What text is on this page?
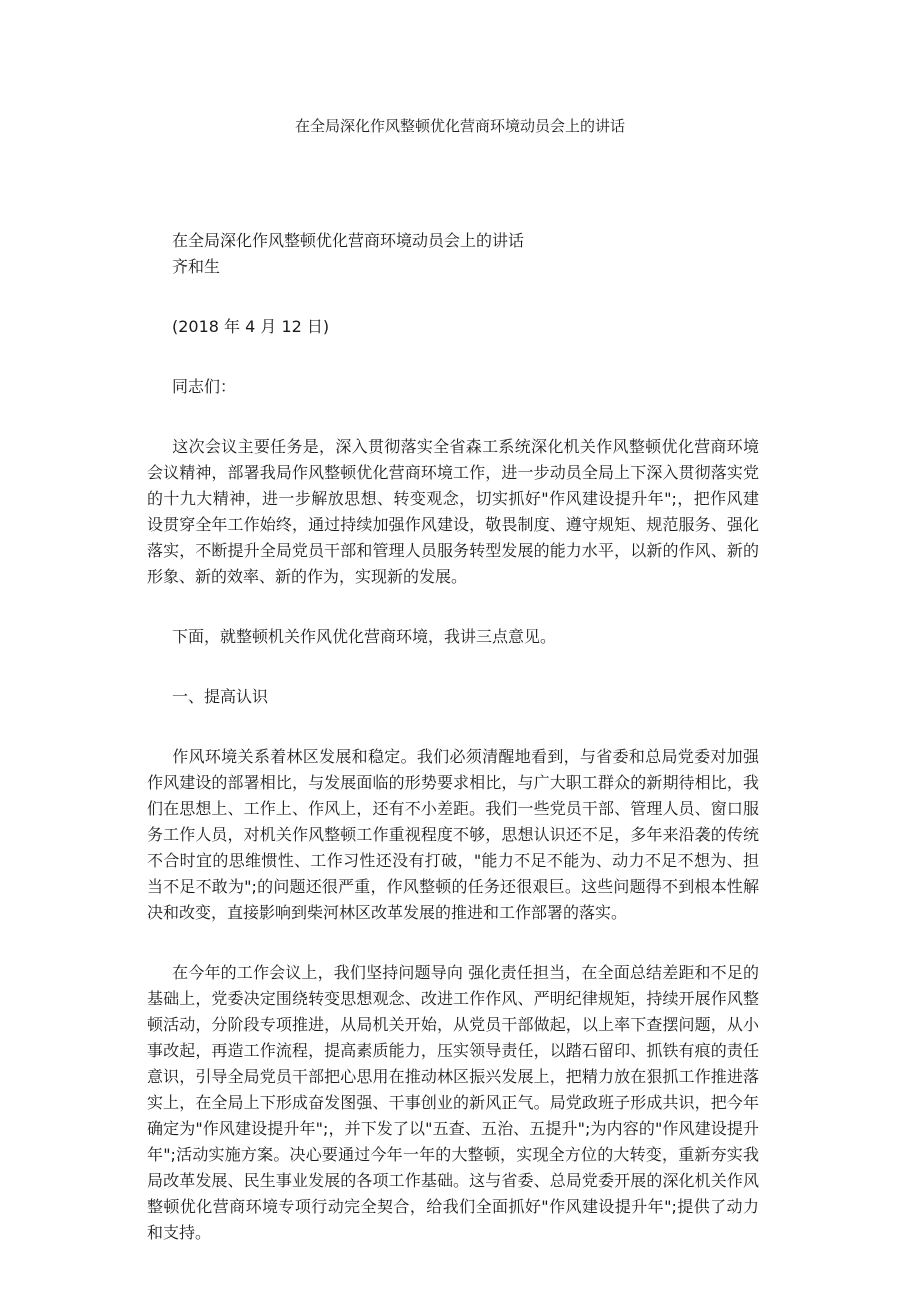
在全局深化作风整顿优化营商环境动员会上的讲话

在全局深化作风整顿优化营商环境动员会上的讲话

齐和生

(2018 年 4 月 12 日)

同志们：

这次会议主要任务是，深入贯彻落实全省森工系统深化机关作风整顿优化营商环境会议精神，部署我局作风整顿优化营商环境工作，进一步动员全局上下深入贯彻落实党的十九大精神，进一步解放思想、转变观念，切实抓好"作风建设提升年";，把作风建设贯穿全年工作始终，通过持续加强作风建设，敬畏制度、遵守规矩、规范服务、强化落实，不断提升全局党员干部和管理人员服务转型发展的能力水平，以新的作风、新的形象、新的效率、新的作为，实现新的发展。

下面，就整顿机关作风优化营商环境，我讲三点意见。

一、提高认识

作风环境关系着林区发展和稳定。我们必须清醒地看到，与省委和总局党委对加强作风建设的部署相比，与发展面临的形势要求相比，与广大职工群众的新期待相比，我们在思想上、工作上、作风上，还有不小差距。我们一些党员干部、管理人员、窗口服务工作人员，对机关作风整顿工作重视程度不够，思想认识还不足，多年来沿袭的传统不合时宜的思维惯性、工作习性还没有打破，"能力不足不能为、动力不足不想为、担当不足不敢为";的问题还很严重，作风整顿的任务还很艰巨。这些问题得不到根本性解决和改变，直接影响到柴河林区改革发展的推进和工作部署的落实。

在今年的工作会议上，我们坚持问题导向 强化责任担当，在全面总结差距和不足的基础上，党委决定围绕转变思想观念、改进工作作风、严明纪律规矩，持续开展作风整顿活动，分阶段专项推进，从局机关开始，从党员干部做起，以上率下查摆问题，从小事改起，再造工作流程，提高素质能力，压实领导责任，以踏石留印、抓铁有痕的责任意识，引导全局党员干部把心思用在推动林区振兴发展上，把精力放在狠抓工作推进落实上，在全局上下形成奋发图强、干事创业的新风正气。局党政班子形成共识，把今年确定为"作风建设提升年";，并下发了以"五查、五治、五提升";为内容的"作风建设提升年";活动实施方案。决心要通过今年一年的大整顿，实现全方位的大转变，重新夯实我局改革发展、民生事业发展的各项工作基础。这与省委、总局党委开展的深化机关作风整顿优化营商环境专项行动完全契合，给我们全面抓好"作风建设提升年";提供了动力和支持。
